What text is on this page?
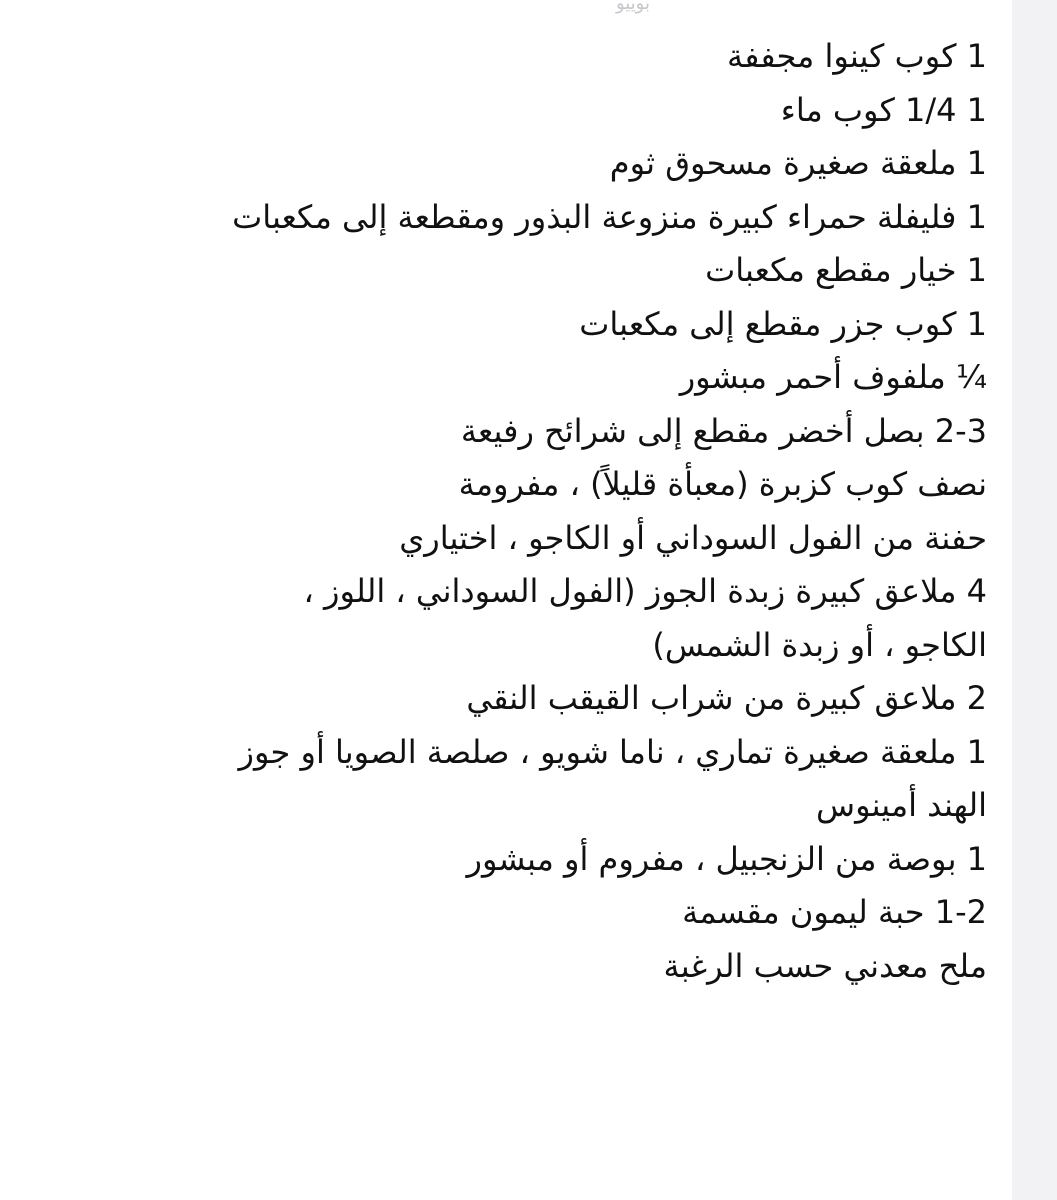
بوييو
1 كوب كينوا مجففة
1 1/4 كوب ماء
1 ملعقة صغيرة مسحوق ثوم
1 فليفلة حمراء كبيرة منزوعة البذور ومقطعة إلى مكعبات
1 خيار مقطع مكعبات
1 كوب جزر مقطع إلى مكعبات
¼ ملفوف أحمر مبشور
2-3 بصل أخضر مقطع إلى شرائح رفيعة
نصف كوب كزبرة (معبأة قليلاً) ، مفرومة
حفنة من الفول السوداني أو الكاجو ، اختياري
4 ملاعق كبيرة زبدة الجوز (الفول السوداني ، اللوز ،
الكاجو ، أو زبدة الشمس)
2 ملاعق كبيرة من شراب القيقب النقي
1 ملعقة صغيرة تماري ، ناما شويو ، صلصة الصويا أو جوز
الهند أمينوس
1 بوصة من الزنجبيل ، مفروم أو مبشور
1-2 حبة ليمون مقسمة
ملح معدني حسب الرغبة
